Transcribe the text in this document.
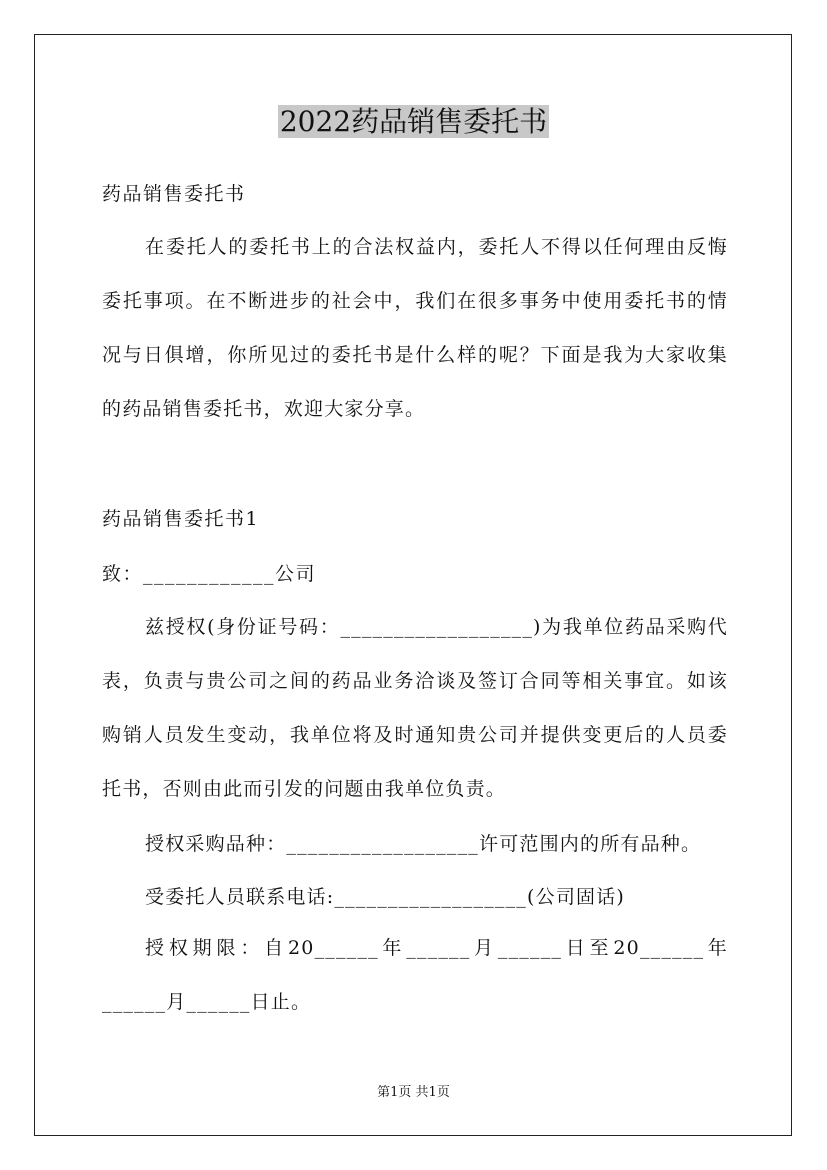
2022药品销售委托书
药品销售委托书
在委托人的委托书上的合法权益内，委托人不得以任何理由反悔委托事项。在不断进步的社会中，我们在很多事务中使用委托书的情况与日俱增，你所见过的委托书是什么样的呢？下面是我为大家收集的药品销售委托书，欢迎大家分享。
药品销售委托书1
致：____________公司
兹授权(身份证号码：__________________)为我单位药品采购代表，负责与贵公司之间的药品业务洽谈及签订合同等相关事宜。如该购销人员发生变动，我单位将及时通知贵公司并提供变更后的人员委托书，否则由此而引发的问题由我单位负责。
授权采购品种：__________________许可范围内的所有品种。
受委托人员联系电话:__________________(公司固话)
授权期限：自20______年______月______日至20______年______月______日止。
第1页 共1页
